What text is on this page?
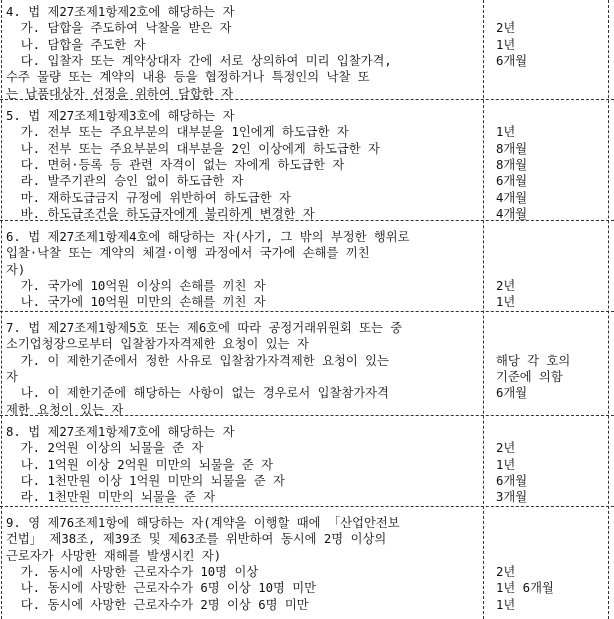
4. 법 제27조제1항제2호에 해당하는 자
가. 담합을 주도하여 낙찰을 받은 자	2년
나. 담합을 주도한 자	1년
다. 입찰자 또는 계약상대자 간에 서로 상의하여 미리 입찰가격,	6개월
수주 물량 또는 계약의 내용 등을 협정하거나 특정인의 낙찰 또
는 납품대상자 선정을 위하여 담합한 자
5. 법 제27조제1항제3호에 해당하는 자
가. 전부 또는 주요부분의 대부분을 1인에게 하도급한 자	1년
나. 전부 또는 주요부분의 대부분을 2인 이상에게 하도급한 자	8개월
다. 면허·등록 등 관련 자격이 없는 자에게 하도급한 자	8개월
라. 발주기관의 승인 없이 하도급한 자	6개월
마. 재하도급금지 규정에 위반하여 하도급한 자	4개월
바. 하도급조건을 하도급자에게 불리하게 변경한 자	4개월
6. 법 제27조제1항제4호에 해당하는 자(사기, 그 밖의 부정한 행위로
입찰·낙찰 또는 계약의 체결·이행 과정에서 국가에 손해를 끼친
자)
가. 국가에 10억원 이상의 손해를 끼친 자	2년
나. 국가에 10억원 미만의 손해를 끼친 자	1년
7. 법 제27조제1항제5호 또는 제6호에 따라 공정거래위원회 또는 중
소기업청장으로부터 입찰참가자격제한 요청이 있는 자
가. 이 제한기준에서 정한 사유로 입찰참가자격제한 요청이 있는	해당 각 호의
자	기준에 의함
나. 이 제한기준에 해당하는 사항이 없는 경우로서 입찰참가자격	6개월
제한 요청이 있는 자
8. 법 제27조제1항제7호에 해당하는 자
가. 2억원 이상의 뇌물을 준 자	2년
나. 1억원 이상 2억원 미만의 뇌물을 준 자	1년
다. 1천만원 이상 1억원 미만의 뇌물을 준 자	6개월
라. 1천만원 미만의 뇌물을 준 자	3개월
9. 영 제76조제1항에 해당하는 자(계약을 이행할 때에 「산업안전보
건법」 제38조, 제39조 및 제63조를 위반하여 동시에 2명 이상의
근로자가 사망한 재해를 발생시킨 자)
가. 동시에 사망한 근로자수가 10명 이상	2년
나. 동시에 사망한 근로자수가 6명 이상 10명 미만	1년 6개월
다. 동시에 사망한 근로자수가 2명 이상 6명 미만	1년
